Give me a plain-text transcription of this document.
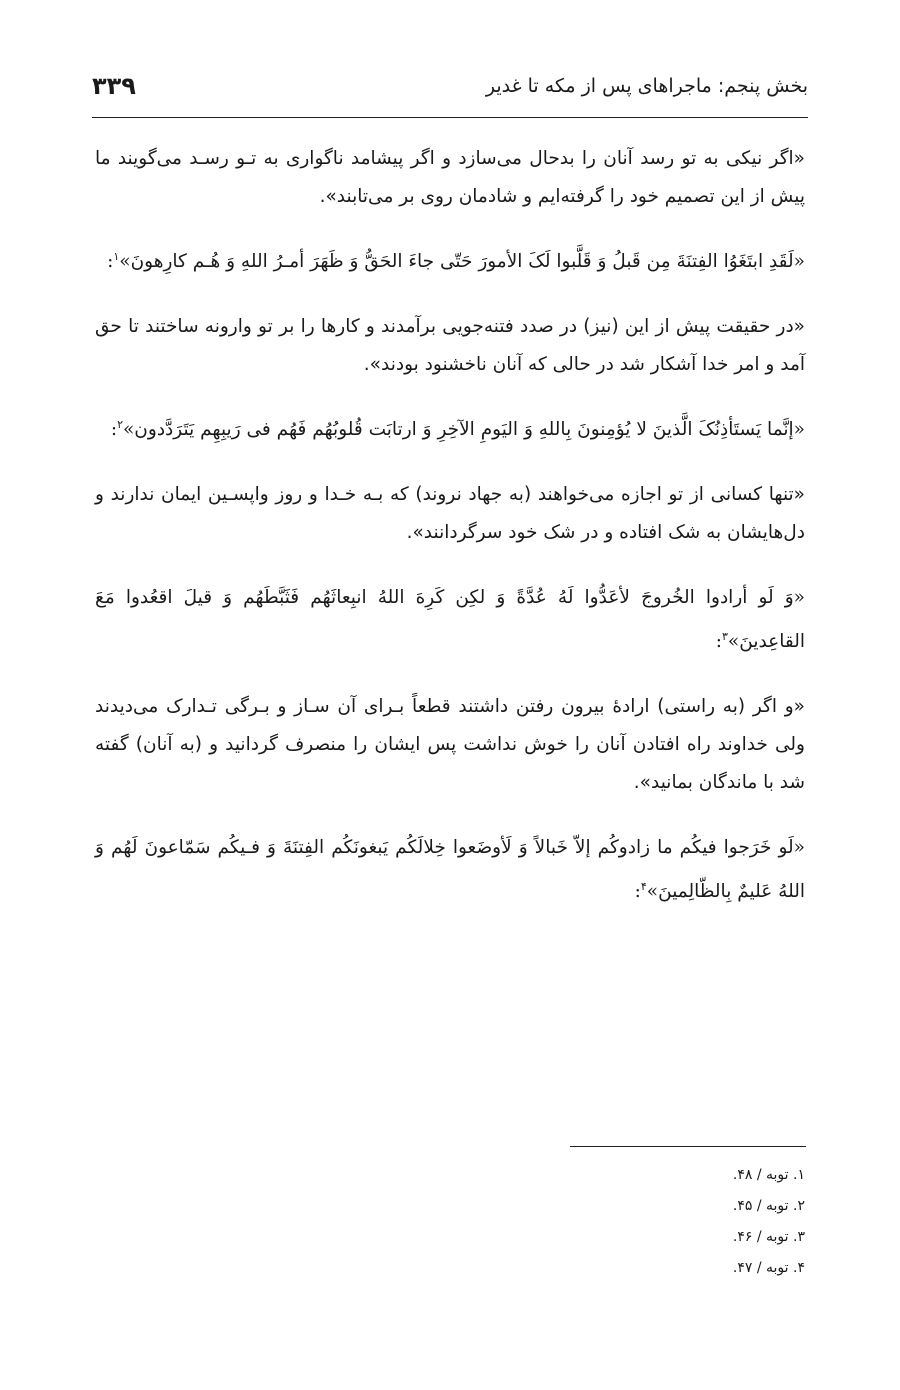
بخش پنجم: ماجراهای پس از مکه تا غدیر
۳۳۹

«اگر نیکی به تو رسد آنان را بدحال می‌سازد و اگر پیشامد ناگواری به تـو رسـد می‌گویند ما پیش از این تصمیم خود را گرفته‌ایم و شادمان روی بر می‌تابند».

«لَقَدِ ابتَغَوُا الفِتنَةَ مِن قَبلُ وَ قَلَّبوا لَکَ الأمورَ حَتّی جاءَ الحَقُّ وَ ظَهَرَ أمـرُ اللهِ وَ هُـم کارِهونَ»$^۱$:

«در حقیقت پیش از این (نیز) در صدد فتنه‌جویی برآمدند و کارها را بر تو وارونه ساختند تا حق آمد و امر خدا آشکار شد در حالی که آنان ناخشنود بودند».

«إنَّما یَستَأذِنُکَ الَّذینَ لا یُؤمِنونَ بِاللهِ وَ الیَومِ الآخِرِ وَ ارتابَت قُلوبُهُم فَهُم فی رَیبِهِم یَتَرَدَّدون»$^۲$:

«تنها کسانی از تو اجازه می‌خواهند (به جهاد نروند) که بـه خـدا و روز واپسـین ایمان ندارند و دل‌هایشان به شک افتاده و در شک خود سرگردانند».

«وَ لَو أرادوا الخُروجَ لأعَدُّوا لَهُ عُدَّةً وَ لکِن کَرِهَ اللهُ انبِعاثَهُم فَثَبَّطَهُم وَ قیلَ اقعُدوا مَعَ القاعِدینَ»$^۳$:

«و اگر (به راستی) ارادهٔ بیرون رفتن داشتند قطعاً بـرای آن سـاز و بـرگی تـدارک می‌دیدند ولی خداوند راه افتادن آنان را خوش نداشت پس ایشان را منصرف گردانید و (به آنان) گفته شد با ماندگان بمانید».

«لَو خَرَجوا فیکُم ما زادوکُم إلاّ خَبالاً وَ لَأوضَعوا خِلالَکُم یَبغونَکُم الفِتنَةَ وَ فـیکُم سَمّاعونَ لَهُم وَ اللهُ عَلیمٌ بِالظّالِمینَ»$^۴$:

۱. توبه / ۴۸.
۲. توبه / ۴۵.
۳. توبه / ۴۶.
۴. توبه / ۴۷.
